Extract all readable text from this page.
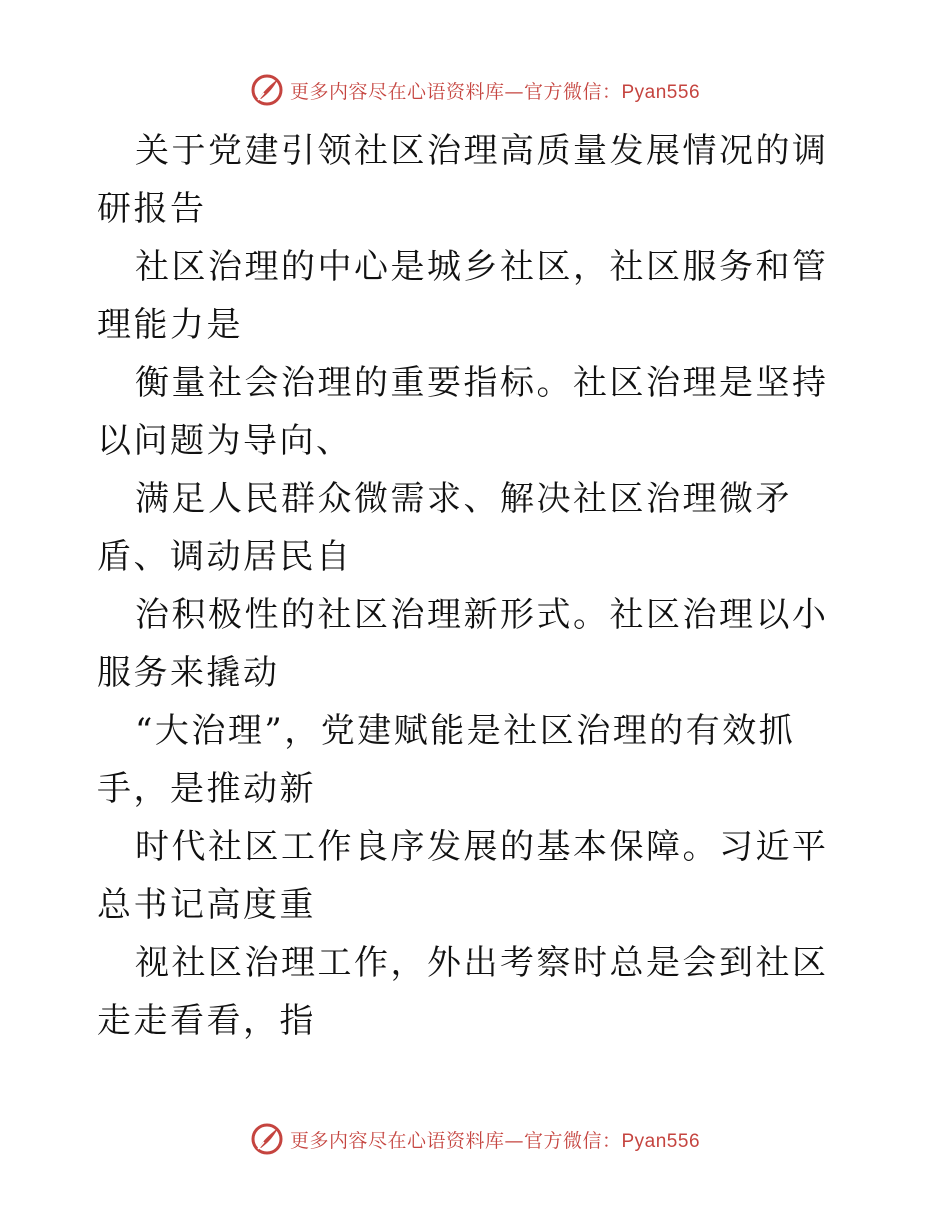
更多内容尽在心语资料库—官方微信：Pyan556

关于党建引领社区治理高质量发展情况的调研报告

社区治理的中心是城乡社区，社区服务和管理能力是

衡量社会治理的重要指标。社区治理是坚持以问题为导向、

满足人民群众微需求、解决社区治理微矛盾、调动居民自

治积极性的社区治理新形式。社区治理以小服务来撬动

“大治理”，党建赋能是社区治理的有效抓手，是推动新

时代社区工作良序发展的基本保障。习近平总书记高度重

视社区治理工作，外出考察时总是会到社区走走看看，指

更多内容尽在心语资料库—官方微信：Pyan556
